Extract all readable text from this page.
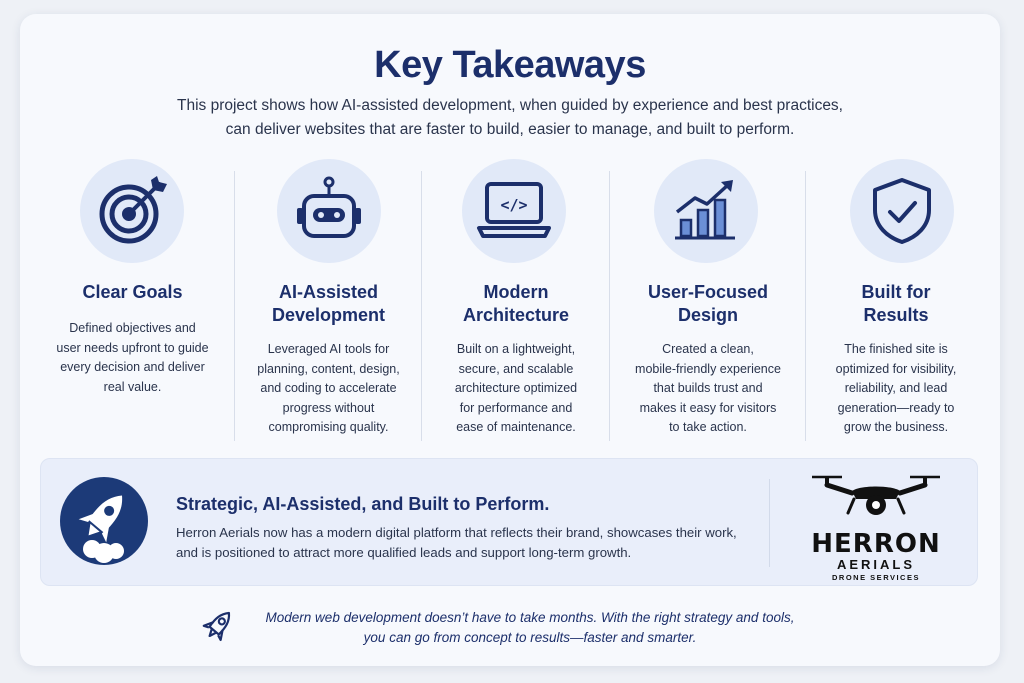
Key Takeaways
This project shows how AI-assisted development, when guided by experience and best practices,
can deliver websites that are faster to build, easier to manage, and built to perform.
Clear Goals

Defined objectives and
user needs upfront to guide
every decision and deliver
real value.

AI-Assisted
Development

Leveraged AI tools for
planning, content, design,
and coding to accelerate
progress without
compromising quality.

</>
Modern
Architecture

Built on a lightweight,
secure, and scalable
architecture optimized
for performance and
ease of maintenance.

User-Focused
Design

Created a clean,
mobile-friendly experience
that builds trust and
makes it easy for visitors
to take action.

Built for
Results

The finished site is
optimized for visibility,
reliability, and lead
generation—ready to
grow the business.

Strategic, AI-Assisted, and Built to Perform.

Herron Aerials now has a modern digital platform that reflects their brand, showcases their work,
and is positioned to attract more qualified leads and support long-term growth.	HERRON
AERIALS
DRONE SERVICES
Modern web development doesn’t have to take months. With the right strategy and tools,
you can go from concept to results—faster and smarter.
